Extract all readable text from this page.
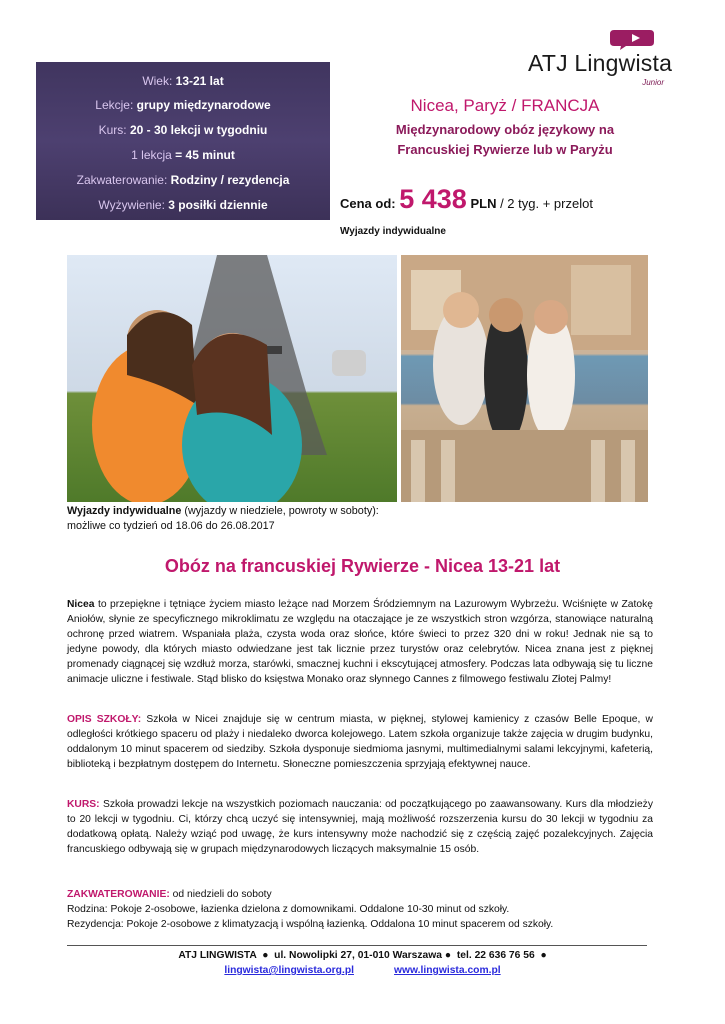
Wiek: 13-21 lat
Lekcje: grupy międzynarodowe
Kurs: 20 - 30 lekcji w tygodniu
1 lekcja = 45 minut
Zakwaterowanie: Rodziny / rezydencja
Wyżywienie: 3 posiłki dziennie
ATJ Lingwista
Junior
Nicea, Paryż / FRANCJA
Międzynarodowy obóz językowy na
Francuskiej Rywierze lub w Paryżu
Cena od: 5 438 PLN / 2 tyg. + przelot
Wyjazdy indywidualne
Wyjazdy indywidualne (wyjazdy w niedziele, powroty w soboty):
możliwe co tydzień od 18.06 do 26.08.2017
Obóz na francuskiej Rywierze - Nicea 13-21 lat
Nicea to przepiękne i tętniące życiem miasto leżące nad Morzem Śródziemnym na Lazurowym Wybrzeżu. Wciśnięte w Zatokę Aniołów, słynie ze specyficznego mikroklimatu ze względu na otaczające je ze wszystkich stron wzgórza, stanowiące naturalną ochronę przed wiatrem. Wspaniała plaża, czysta woda oraz słońce, które świeci to przez 320 dni w roku! Jednak nie są to jedyne powody, dla których miasto odwiedzane jest tak licznie przez turystów oraz celebrytów. Nicea znana jest z pięknej promenady ciągnącej się wzdłuż morza, starówki, smacznej kuchni i ekscytującej atmosfery. Podczas lata odbywają się tu liczne animacje uliczne i festiwale. Stąd blisko do księstwa Monako oraz słynnego Cannes z filmowego festiwalu Złotej Palmy!
OPIS SZKOŁY: Szkoła w Nicei znajduje się w centrum miasta, w pięknej, stylowej kamienicy z czasów Belle Epoque, w odległości krótkiego spaceru od plaży i niedaleko dworca kolejowego. Latem szkoła organizuje także zajęcia w drugim budynku, oddalonym 10 minut spacerem od siedziby. Szkoła dysponuje siedmioma jasnymi, multimedialnymi salami lekcyjnymi, kafeterią, biblioteką i bezpłatnym dostępem do Internetu. Słoneczne pomieszczenia sprzyjają efektywnej nauce.
KURS: Szkoła prowadzi lekcje na wszystkich poziomach nauczania: od początkującego po zaawansowany. Kurs dla młodzieży to 20 lekcji w tygodniu. Ci, którzy chcą uczyć się intensywniej, mają możliwość rozszerzenia kursu do 30 lekcji w tygodniu za dodatkową opłatą. Należy wziąć pod uwagę, że kurs intensywny może nachodzić się z częścią zajęć pozalekcyjnych. Zajęcia francuskiego odbywają się w grupach międzynarodowych liczących maksymalnie 15 osób.
ZAKWATEROWANIE: od niedzieli do soboty
Rodzina: Pokoje 2-osobowe, łazienka dzielona z domownikami. Oddalone 10-30 minut od szkoły.
Rezydencja: Pokoje 2-osobowe z klimatyzacją i wspólną łazienką. Oddalona 10 minut spacerem od szkoły.
ATJ LINGWISTA  ●  ul. Nowolipki 27, 01-010 Warszawa ●  tel. 22 636 76 56  ●
lingwista@lingwista.org.pl	www.lingwista.com.pl
